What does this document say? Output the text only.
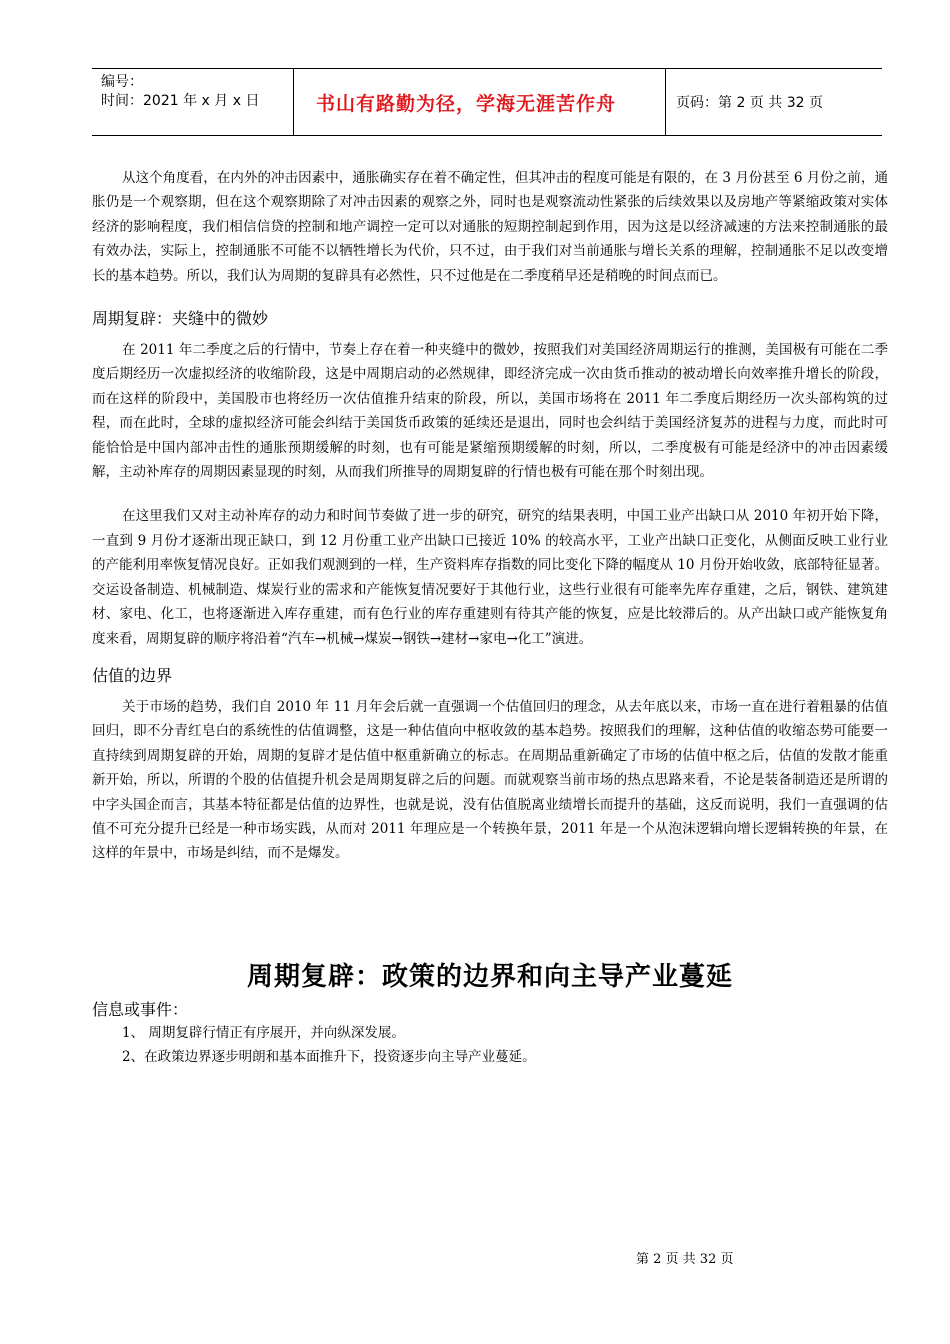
编号：
时间：2021 年 x 月 x 日	书山有路勤为径，学海无涯苦作舟	页码：第 2 页 共 32 页

从这个角度看，在内外的冲击因素中，通胀确实存在着不确定性，但其冲击的程度可能是有限的，在 3 月份甚至 6 月份之前，通胀仍是一个观察期，但在这个观察期除了对冲击因素的观察之外，同时也是观察流动性紧张的后续效果以及房地产等紧缩政策对实体经济的影响程度，我们相信信贷的控制和地产调控一定可以对通胀的短期控制起到作用，因为这是以经济减速的方法来控制通胀的最有效办法，实际上，控制通胀不可能不以牺牲增长为代价，只不过，由于我们对当前通胀与增长关系的理解，控制通胀不足以改变增长的基本趋势。所以，我们认为周期的复辟具有必然性，只不过他是在二季度稍早还是稍晚的时间点而已。

周期复辟：夹缝中的微妙

在 2011 年二季度之后的行情中，节奏上存在着一种夹缝中的微妙，按照我们对美国经济周期运行的推测，美国极有可能在二季度后期经历一次虚拟经济的收缩阶段，这是中周期启动的必然规律，即经济完成一次由货币推动的被动增长向效率推升增长的阶段，而在这样的阶段中，美国股市也将经历一次估值推升结束的阶段，所以，美国市场将在 2011 年二季度后期经历一次头部构筑的过程，而在此时，全球的虚拟经济可能会纠结于美国货币政策的延续还是退出，同时也会纠结于美国经济复苏的进程与力度，而此时可能恰恰是中国内部冲击性的通胀预期缓解的时刻，也有可能是紧缩预期缓解的时刻，所以，二季度极有可能是经济中的冲击因素缓解，主动补库存的周期因素显现的时刻，从而我们所推导的周期复辟的行情也极有可能在那个时刻出现。

在这里我们又对主动补库存的动力和时间节奏做了进一步的研究，研究的结果表明，中国工业产出缺口从 2010 年初开始下降，一直到 9 月份才逐渐出现正缺口，到 12 月份重工业产出缺口已接近 10% 的较高水平，工业产出缺口正变化，从侧面反映工业行业的产能利用率恢复情况良好。正如我们观测到的一样，生产资料库存指数的同比变化下降的幅度从 10 月份开始收敛，底部特征显著。交运设备制造、机械制造、煤炭行业的需求和产能恢复情况要好于其他行业，这些行业很有可能率先库存重建，之后，钢铁、建筑建材、家电、化工，也将逐渐进入库存重建，而有色行业的库存重建则有待其产能的恢复，应是比较滞后的。从产出缺口或产能恢复角度来看，周期复辟的顺序将沿着“汽车→机械→煤炭→钢铁→建材→家电→化工”演进。

估值的边界

关于市场的趋势，我们自 2010 年 11 月年会后就一直强调一个估值回归的理念，从去年底以来，市场一直在进行着粗暴的估值回归，即不分青红皂白的系统性的估值调整，这是一种估值向中枢收敛的基本趋势。按照我们的理解，这种估值的收缩态势可能要一直持续到周期复辟的开始，周期的复辟才是估值中枢重新确立的标志。在周期品重新确定了市场的估值中枢之后，估值的发散才能重新开始，所以，所谓的个股的估值提升机会是周期复辟之后的问题。而就观察当前市场的热点思路来看，不论是装备制造还是所谓的中字头国企而言，其基本特征都是估值的边界性，也就是说，没有估值脱离业绩增长而提升的基础，这反而说明，我们一直强调的估值不可充分提升已经是一种市场实践，从而对 2011 年理应是一个转换年景，2011 年是一个从泡沫逻辑向增长逻辑转换的年景，在这样的年景中，市场是纠结，而不是爆发。

周期复辟：政策的边界和向主导产业蔓延

信息或事件：

1、 周期复辟行情正有序展开，并向纵深发展。

2、在政策边界逐步明朗和基本面推升下，投资逐步向主导产业蔓延。

第 2 页 共 32 页
